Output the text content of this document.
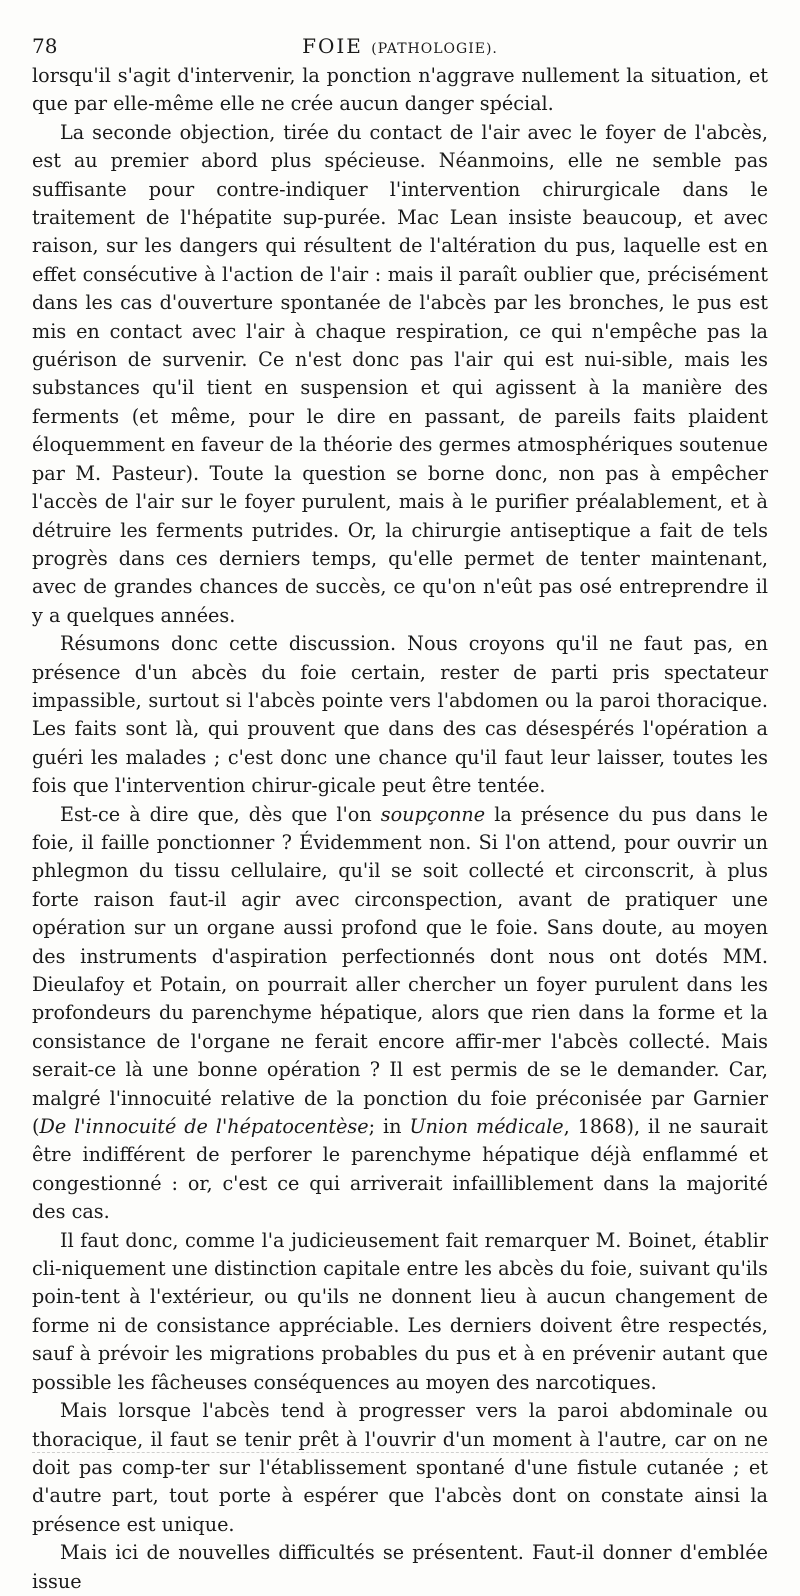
78	FOIE (PATHOLOGIE).

lorsqu'il s'agit d'intervenir, la ponction n'aggrave nullement la situation, et que par elle-même elle ne crée aucun danger spécial.

La seconde objection, tirée du contact de l'air avec le foyer de l'abcès, est au premier abord plus spécieuse. Néanmoins, elle ne semble pas suffisante pour contre-indiquer l'intervention chirurgicale dans le traitement de l'hépatite sup-purée. Mac Lean insiste beaucoup, et avec raison, sur les dangers qui résultent de l'altération du pus, laquelle est en effet consécutive à l'action de l'air : mais il paraît oublier que, précisément dans les cas d'ouverture spontanée de l'abcès par les bronches, le pus est mis en contact avec l'air à chaque respiration, ce qui n'empêche pas la guérison de survenir. Ce n'est donc pas l'air qui est nui-sible, mais les substances qu'il tient en suspension et qui agissent à la manière des ferments (et même, pour le dire en passant, de pareils faits plaident éloquemment en faveur de la théorie des germes atmosphériques soutenue par M. Pasteur). Toute la question se borne donc, non pas à empêcher l'accès de l'air sur le foyer purulent, mais à le purifier préalablement, et à détruire les ferments putrides. Or, la chirurgie antiseptique a fait de tels progrès dans ces derniers temps, qu'elle permet de tenter maintenant, avec de grandes chances de succès, ce qu'on n'eût pas osé entreprendre il y a quelques années.

Résumons donc cette discussion. Nous croyons qu'il ne faut pas, en présence d'un abcès du foie certain, rester de parti pris spectateur impassible, surtout si l'abcès pointe vers l'abdomen ou la paroi thoracique. Les faits sont là, qui prouvent que dans des cas désespérés l'opération a guéri les malades ; c'est donc une chance qu'il faut leur laisser, toutes les fois que l'intervention chirur-gicale peut être tentée.

Est-ce à dire que, dès que l'on soupçonne la présence du pus dans le foie, il faille ponctionner ? Évidemment non. Si l'on attend, pour ouvrir un phlegmon du tissu cellulaire, qu'il se soit collecté et circonscrit, à plus forte raison faut-il agir avec circonspection, avant de pratiquer une opération sur un organe aussi profond que le foie. Sans doute, au moyen des instruments d'aspiration perfectionnés dont nous ont dotés MM. Dieulafoy et Potain, on pourrait aller chercher un foyer purulent dans les profondeurs du parenchyme hépatique, alors que rien dans la forme et la consistance de l'organe ne ferait encore affir-mer l'abcès collecté. Mais serait-ce là une bonne opération ? Il est permis de se le demander. Car, malgré l'innocuité relative de la ponction du foie préconisée par Garnier (De l'innocuité de l'hépatocentèse; in Union médicale, 1868), il ne saurait être indifférent de perforer le parenchyme hépatique déjà enflammé et congestionné : or, c'est ce qui arriverait infailliblement dans la majorité des cas.

Il faut donc, comme l'a judicieusement fait remarquer M. Boinet, établir cli-niquement une distinction capitale entre les abcès du foie, suivant qu'ils poin-tent à l'extérieur, ou qu'ils ne donnent lieu à aucun changement de forme ni de consistance appréciable. Les derniers doivent être respectés, sauf à prévoir les migrations probables du pus et à en prévenir autant que possible les fâcheuses conséquences au moyen des narcotiques.

Mais lorsque l'abcès tend à progresser vers la paroi abdominale ou thoracique, il faut se tenir prêt à l'ouvrir d'un moment à l'autre, car on ne doit pas comp-ter sur l'établissement spontané d'une fistule cutanée ; et d'autre part, tout porte à espérer que l'abcès dont on constate ainsi la présence est unique.

Mais ici de nouvelles difficultés se présentent. Faut-il donner d'emblée issue
